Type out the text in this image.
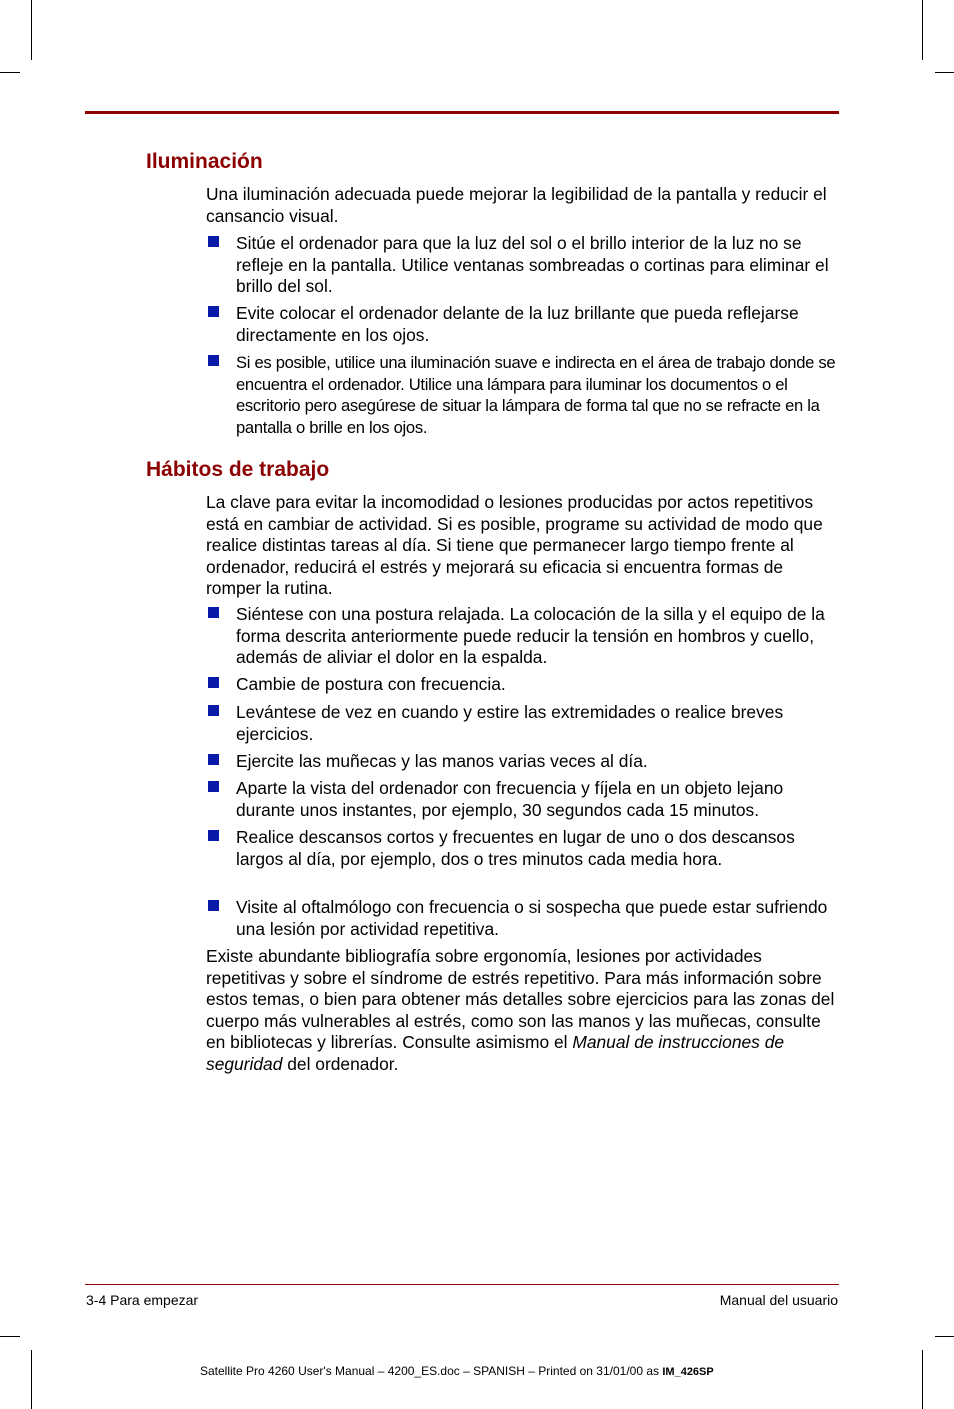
Iluminación

Una iluminación adecuada puede mejorar la legibilidad de la pantalla y reducir el cansancio visual.

Sitúe el ordenador para que la luz del sol o el brillo interior de la luz no se refleje en la pantalla. Utilice ventanas sombreadas o cortinas para eliminar el brillo del sol.

Evite colocar el ordenador delante de la luz brillante que pueda reflejarse directamente en los ojos.

Si es posible, utilice una iluminación suave e indirecta en el área de trabajo donde se encuentra el ordenador. Utilice una lámpara para iluminar los documentos o el escritorio pero asegúrese de situar la lámpara de forma tal que no se refracte en la pantalla o brille en los ojos.

Hábitos de trabajo

La clave para evitar la incomodidad o lesiones producidas por actos repetitivos está en cambiar de actividad. Si es posible, programe su actividad de modo que realice distintas tareas al día. Si tiene que permanecer largo tiempo frente al ordenador, reducirá el estrés y mejorará su eficacia si encuentra formas de romper la rutina.

Siéntese con una postura relajada. La colocación de la silla y el equipo de la forma descrita anteriormente puede reducir la tensión en hombros y cuello, además de aliviar el dolor en la espalda.

Cambie de postura con frecuencia.

Levántese de vez en cuando y estire las extremidades o realice breves ejercicios.

Ejercite las muñecas y las manos varias veces al día.

Aparte la vista del ordenador con frecuencia y fíjela en un objeto lejano durante unos instantes, por ejemplo, 30 segundos cada 15 minutos.

Realice descansos cortos y frecuentes en lugar de uno o dos descansos largos al día, por ejemplo, dos o tres minutos cada media hora.

Visite al oftalmólogo con frecuencia o si sospecha que puede estar sufriendo una lesión por actividad repetitiva.

Existe abundante bibliografía sobre ergonomía, lesiones por actividades repetitivas y sobre el síndrome de estrés repetitivo. Para más información sobre estos temas, o bien para obtener más detalles sobre ejercicios para las zonas del cuerpo más vulnerables al estrés, como son las manos y las muñecas, consulte en bibliotecas y librerías. Consulte asimismo el Manual de instrucciones de seguridad del ordenador.

3-4 Para empezar	Manual del usuario
Satellite Pro 4260 User's Manual – 4200_ES.doc – SPANISH – Printed on 31/01/00 as IM_426SP
